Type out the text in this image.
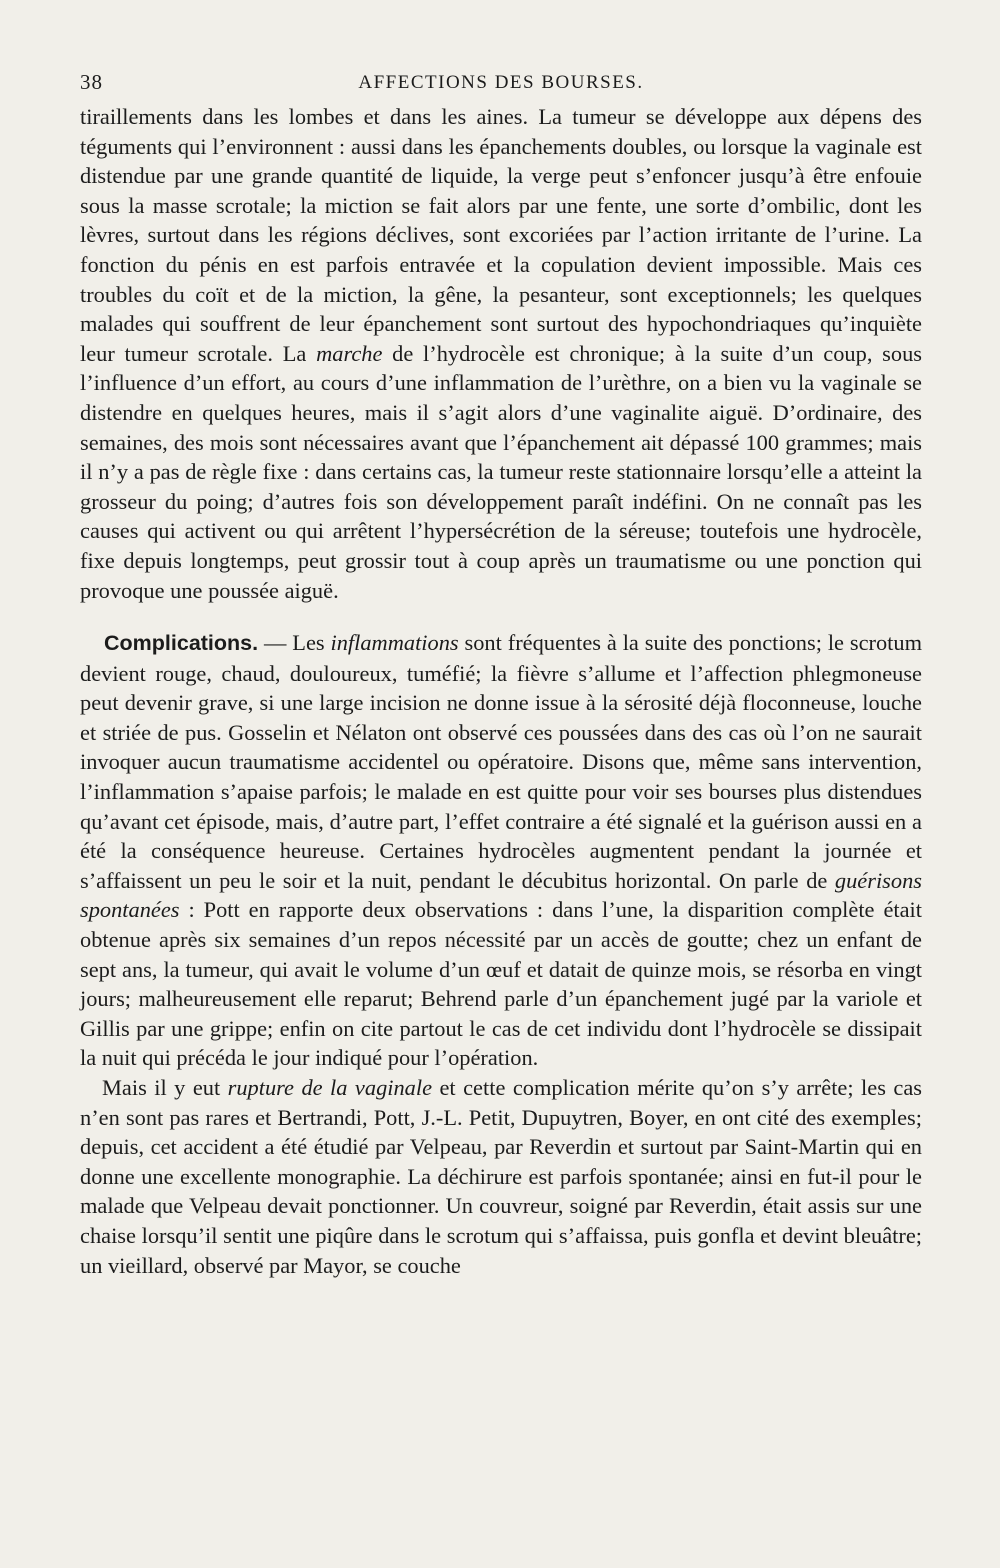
38	AFFECTIONS DES BOURSES.

tiraillements dans les lombes et dans les aines. La tumeur se développe aux dépens des téguments qui l’environnent : aussi dans les épanchements doubles, ou lorsque la vaginale est distendue par une grande quantité de liquide, la verge peut s’enfoncer jusqu’à être enfouie sous la masse scrotale; la miction se fait alors par une fente, une sorte d’ombilic, dont les lèvres, surtout dans les régions déclives, sont excoriées par l’action irritante de l’urine. La fonction du pénis en est parfois entravée et la copulation devient impossible. Mais ces troubles du coït et de la miction, la gêne, la pesanteur, sont exceptionnels; les quelques malades qui souffrent de leur épanchement sont surtout des hypochondriaques qu’inquiète leur tumeur scrotale. La marche de l’hydrocèle est chronique; à la suite d’un coup, sous l’influence d’un effort, au cours d’une inflammation de l’urèthre, on a bien vu la vaginale se distendre en quelques heures, mais il s’agit alors d’une vaginalite aiguë. D’ordinaire, des semaines, des mois sont nécessaires avant que l’épanchement ait dépassé 100 grammes; mais il n’y a pas de règle fixe : dans certains cas, la tumeur reste stationnaire lorsqu’elle a atteint la grosseur du poing; d’autres fois son développement paraît indéfini. On ne connaît pas les causes qui activent ou qui arrêtent l’hypersécrétion de la séreuse; toutefois une hydrocèle, fixe depuis longtemps, peut grossir tout à coup après un traumatisme ou une ponction qui provoque une poussée aiguë.

Complications. — Les inflammations sont fréquentes à la suite des ponctions; le scrotum devient rouge, chaud, douloureux, tuméfié; la fièvre s’allume et l’affection phlegmoneuse peut devenir grave, si une large incision ne donne issue à la sérosité déjà floconneuse, louche et striée de pus. Gosselin et Nélaton ont observé ces poussées dans des cas où l’on ne saurait invoquer aucun traumatisme accidentel ou opératoire. Disons que, même sans intervention, l’inflammation s’apaise parfois; le malade en est quitte pour voir ses bourses plus distendues qu’avant cet épisode, mais, d’autre part, l’effet contraire a été signalé et la guérison aussi en a été la conséquence heureuse. Certaines hydrocèles augmentent pendant la journée et s’affaissent un peu le soir et la nuit, pendant le décubitus horizontal. On parle de guérisons spontanées : Pott en rapporte deux observations : dans l’une, la disparition complète était obtenue après six semaines d’un repos nécessité par un accès de goutte; chez un enfant de sept ans, la tumeur, qui avait le volume d’un œuf et datait de quinze mois, se résorba en vingt jours; malheureusement elle reparut; Behrend parle d’un épanchement jugé par la variole et Gillis par une grippe; enfin on cite partout le cas de cet individu dont l’hydrocèle se dissipait la nuit qui précéda le jour indiqué pour l’opération.

Mais il y eut rupture de la vaginale et cette complication mérite qu’on s’y arrête; les cas n’en sont pas rares et Bertrandi, Pott, J.-L. Petit, Dupuytren, Boyer, en ont cité des exemples; depuis, cet accident a été étudié par Velpeau, par Reverdin et surtout par Saint-Martin qui en donne une excellente monographie. La déchirure est parfois spontanée; ainsi en fut-il pour le malade que Velpeau devait ponctionner. Un couvreur, soigné par Reverdin, était assis sur une chaise lorsqu’il sentit une piqûre dans le scrotum qui s’affaissa, puis gonfla et devint bleuâtre; un vieillard, observé par Mayor, se couche
